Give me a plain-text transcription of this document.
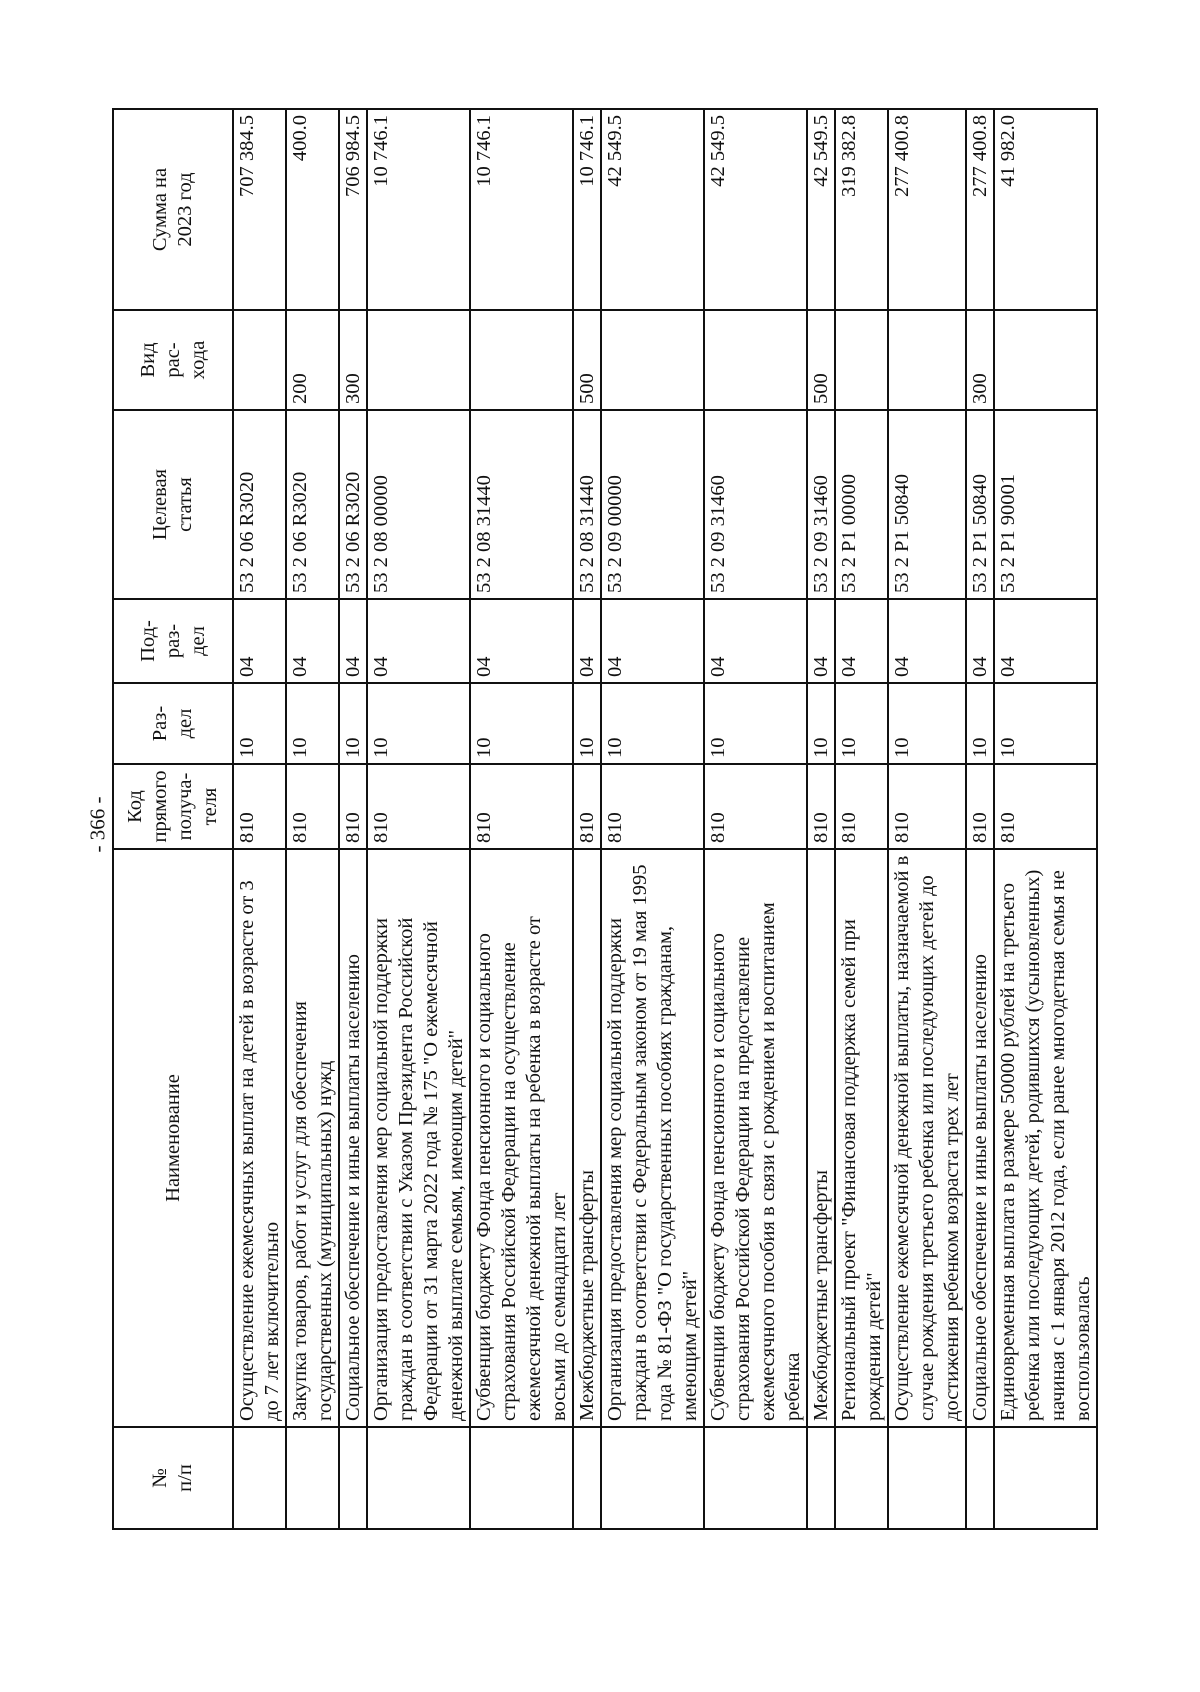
- 366 -
№ п/п	Наименование	Код прямого получа- теля	Раз- дел	Под- раз- дел	Целевая статья	Вид рас- хода	Сумма на 2023 год

	Осуществление ежемесячных выплат на детей в возрасте от 3 до 7 лет включительно	810	10	04	53 2 06 R3020		707 384.5
	Закупка товаров, работ и услуг для обеспечения государственных (муниципальных) нужд	810	10	04	53 2 06 R3020	200	400.0
	Социальное обеспечение и иные выплаты населению	810	10	04	53 2 06 R3020	300	706 984.5
	Организация предоставления мер социальной поддержки граждан в соответствии с Указом Президента Российской Федерации от 31 марта 2022 года № 175 "О ежемесячной денежной выплате семьям, имеющим детей"	810	10	04	53 2 08 00000		10 746.1
	Субвенции бюджету Фонда пенсионного и социального страхования Российской Федерации на осуществление ежемесячной денежной выплаты на ребенка в возрасте от восьми до семнадцати лет	810	10	04	53 2 08 31440		10 746.1
	Межбюджетные трансферты	810	10	04	53 2 08 31440	500	10 746.1
	Организация предоставления мер социальной поддержки граждан в соответствии с Федеральным законом от 19 мая 1995 года № 81-ФЗ "О государственных пособиях гражданам, имеющим детей"	810	10	04	53 2 09 00000		42 549.5
	Субвенции бюджету Фонда пенсионного и социального страхования Российской Федерации на предоставление ежемесячного пособия в связи с рождением и воспитанием ребенка	810	10	04	53 2 09 31460		42 549.5
	Межбюджетные трансферты	810	10	04	53 2 09 31460	500	42 549.5
	Региональный проект "Финансовая поддержка семей при рождении детей"	810	10	04	53 2 P1 00000		319 382.8
	Осуществление ежемесячной денежной выплаты, назначаемой в случае рождения третьего ребенка или последующих детей до достижения ребенком возраста трех лет	810	10	04	53 2 P1 50840		277 400.8
	Социальное обеспечение и иные выплаты населению	810	10	04	53 2 P1 50840	300	277 400.8
	Единовременная выплата в размере 50000 рублей на третьего ребенка или последующих детей, родившихся (усыновленных) начиная с 1 января 2012 года, если ранее многодетная семья не воспользовалась	810	10	04	53 2 P1 90001		41 982.0
